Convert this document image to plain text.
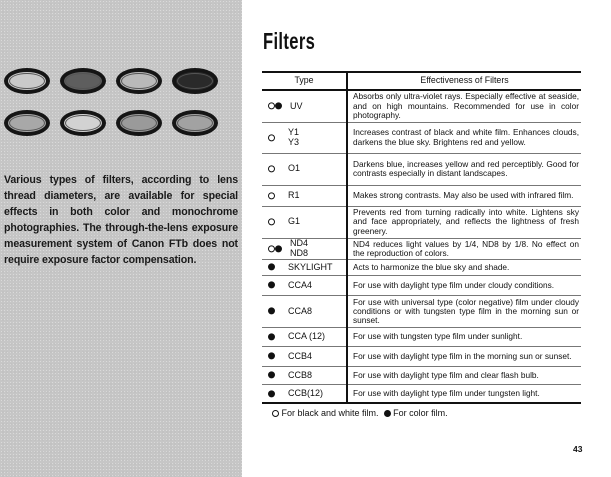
Various types of filters, according to lens thread diameters, are available for special effects in both color and monochrome photographies. The through-the-lens exposure measurement system of Canon FTb does not require exposure factor compensation.

Filters
Type	Effectiveness of Filters

UV	Absorbs only ultra-violet rays. Especially effective at seaside, and on high mountains. Recommended for use in color photography.

Y1
Y3	Increases contrast of black and white film. Enhances clouds, darkens the blue sky. Brightens red and yellow.

O1	Darkens blue, increases yellow and red perceptibly. Good for contrasts especially in distant landscapes.

R1	Makes strong contrasts. May also be used with infrared film.

G1	Prevents red from turning radically into white. Lightens sky and face appropriately, and reflects the lightness of fresh greenery.

ND4
ND8	ND4 reduces light values by 1/4, ND8 by 1/8. No effect on the reproduction of colors.

SKYLIGHT	Acts to harmonize the blue sky and shade.

CCA4	For use with daylight type film under cloudy conditions.

CCA8	For use with universal type (color negative) film under cloudy conditions or with tungsten type film in the morning sun or sunset.

CCA (12)	For use with tungsten type film under sunlight.

CCB4	For use with daylight type film in the morning sun or sunset.

CCB8	For use with daylight type film and clear flash bulb.

CCB(12)	For use with daylight type film under tungsten light.
For black and white film. For color film.
43
